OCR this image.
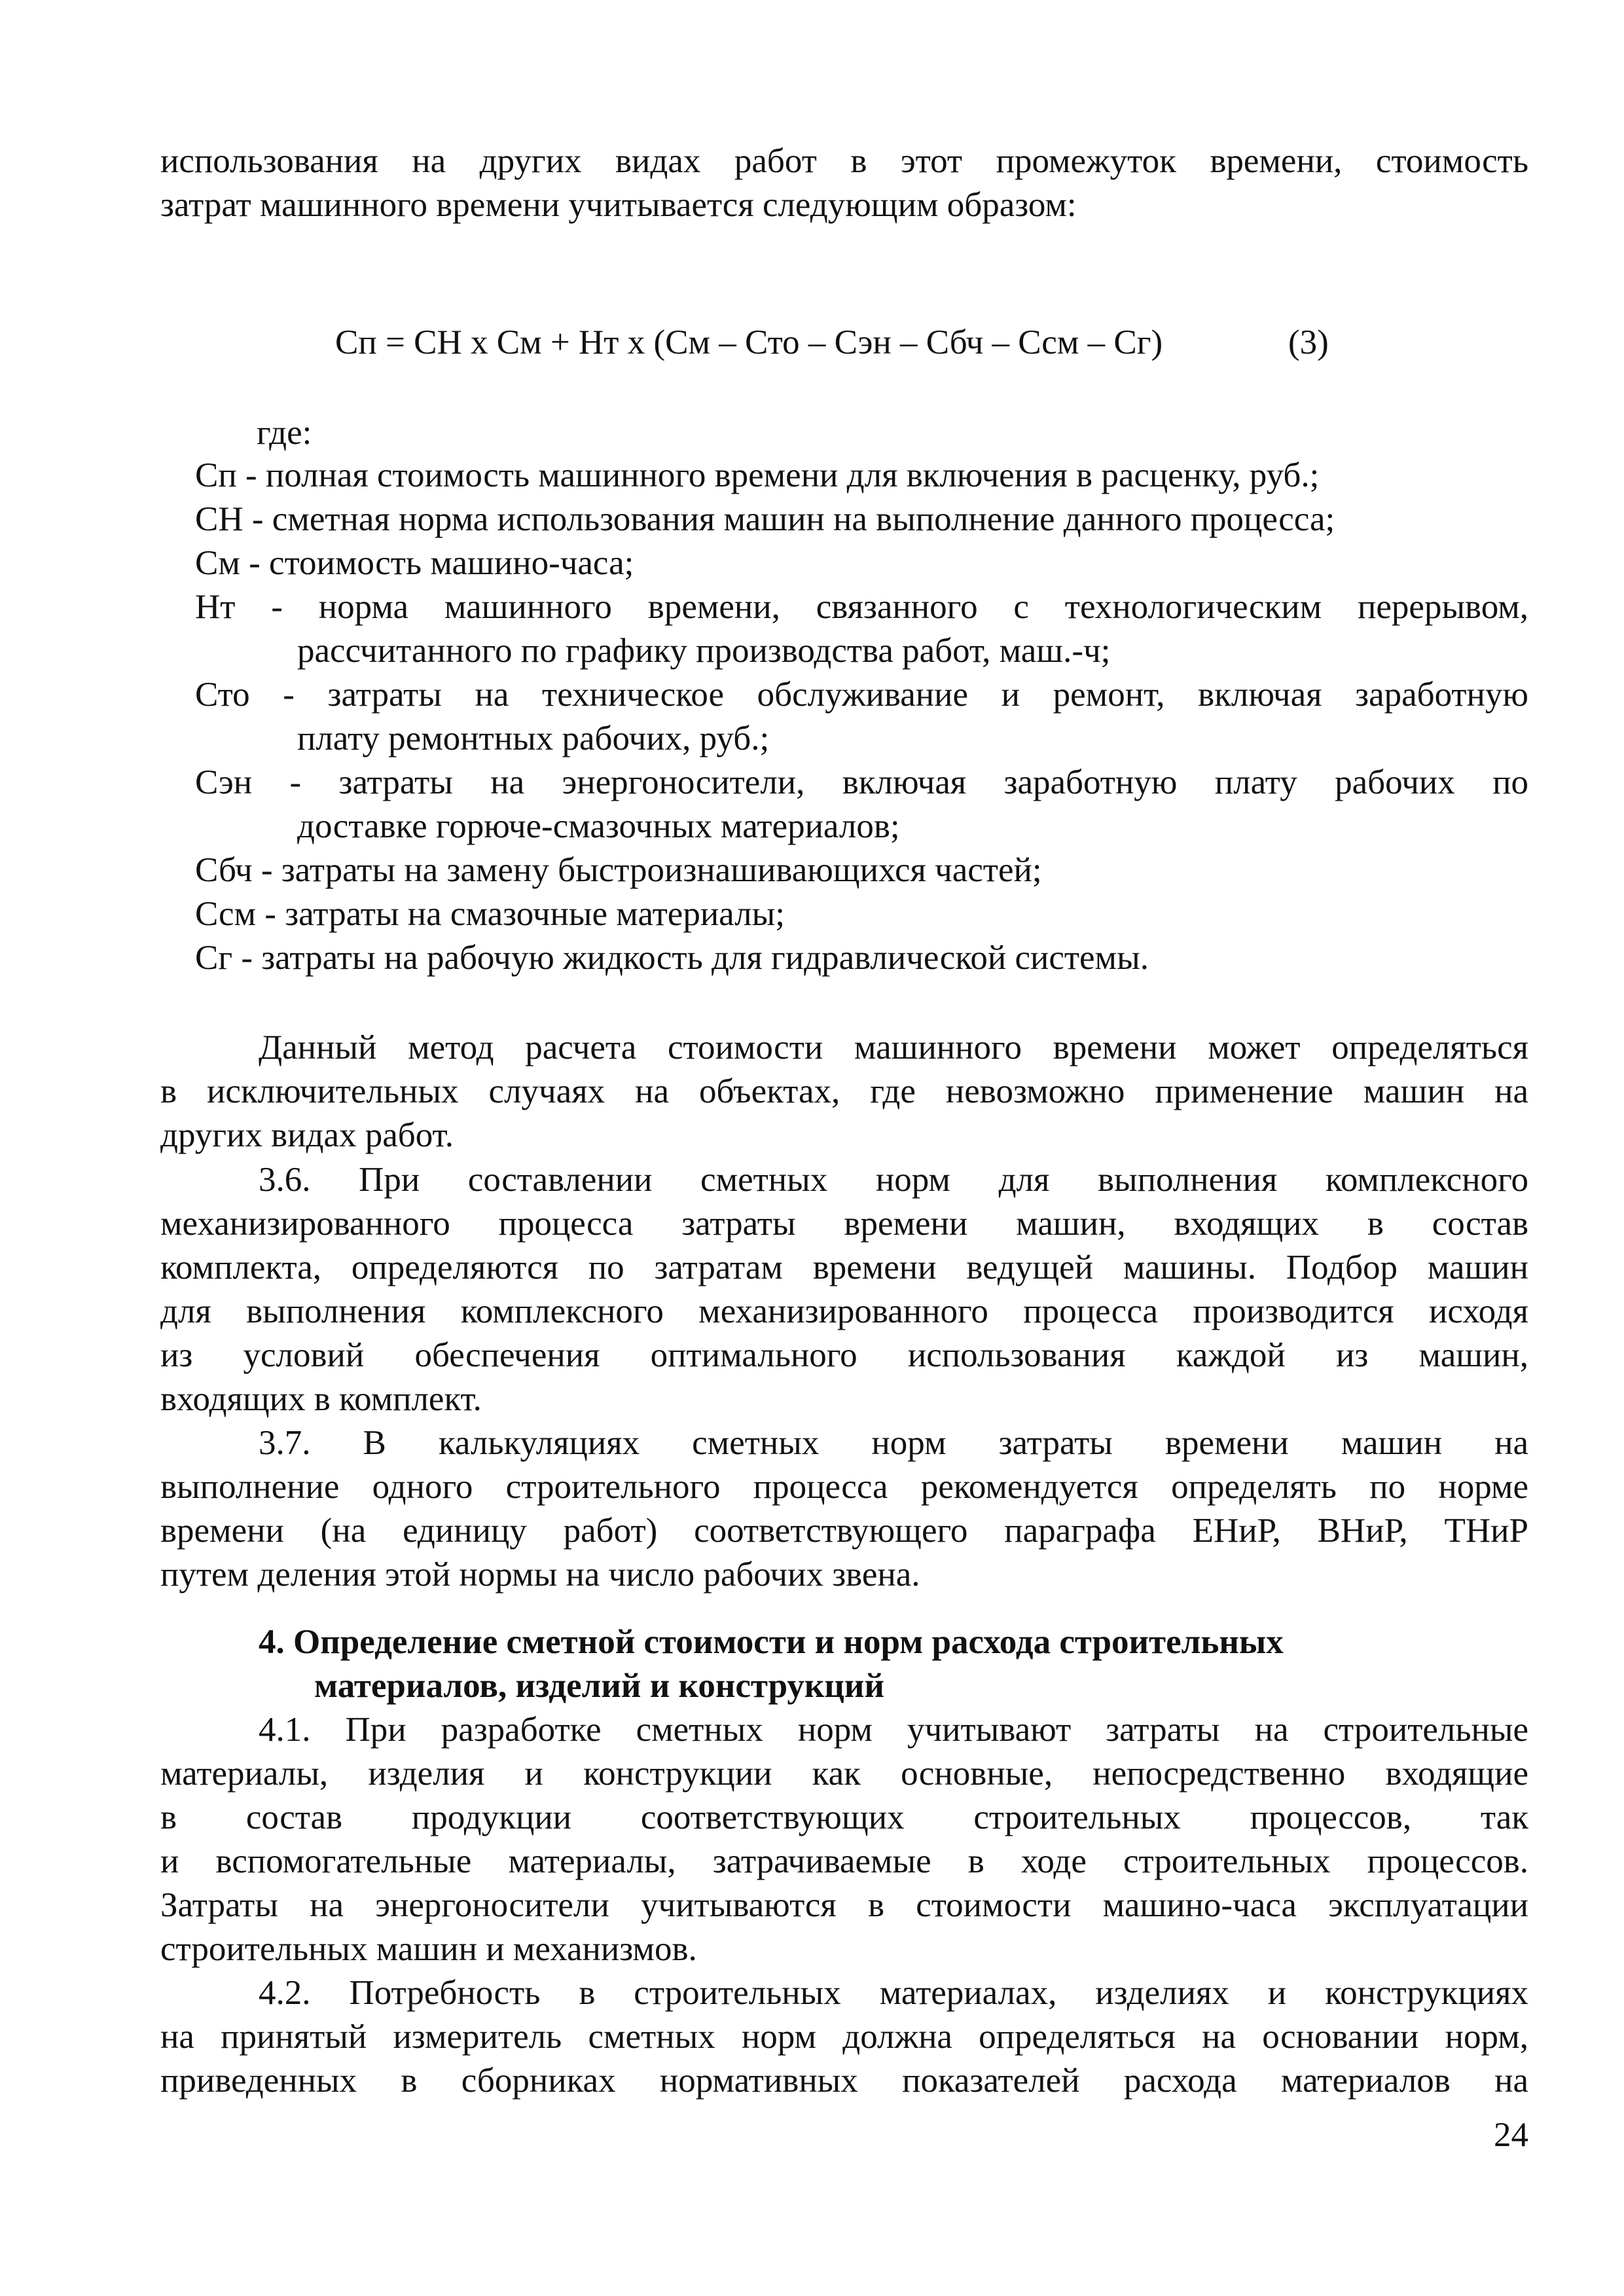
использования на других видах работ в этот промежуток времени, стоимость
затрат машинного времени учитывается следующим образом:
Сп = СН х См + Нт х (См – Сто – Сэн – Сбч – Ссм – Сг)	(3)
где:
Сп - полная стоимость машинного времени для включения в расценку, руб.;
СН - сметная норма использования машин на выполнение данного процесса;
См - стоимость машино-часа;
Нт - норма машинного времени, связанного с технологическим перерывом,
рассчитанного по графику производства работ, маш.-ч;
Сто - затраты на техническое обслуживание и ремонт, включая заработную
плату ремонтных рабочих, руб.;
Сэн - затраты на энергоносители, включая заработную плату рабочих по
доставке горюче-смазочных материалов;
Сбч - затраты на замену быстроизнашивающихся частей;
Ссм - затраты на смазочные материалы;
Сг - затраты на рабочую жидкость для гидравлической системы.
Данный метод расчета стоимости машинного времени может определяться
в исключительных случаях на объектах, где невозможно применение машин на
других видах работ.
3.6. При составлении сметных норм для выполнения комплексного
механизированного процесса затраты времени машин, входящих в состав
комплекта, определяются по затратам времени ведущей машины. Подбор машин
для выполнения комплексного механизированного процесса производится исходя
из условий обеспечения оптимального использования каждой из машин,
входящих в комплект.
3.7. В калькуляциях сметных норм затраты времени машин на
выполнение одного строительного процесса рекомендуется определять по норме
времени (на единицу работ) соответствующего параграфа ЕНиР, ВНиР, ТНиР
путем деления этой нормы на число рабочих звена.
4. Определение сметной стоимости и норм расхода строительных
материалов, изделий и конструкций
4.1. При разработке сметных норм учитывают затраты на строительные
материалы, изделия и конструкции как основные, непосредственно входящие
в состав продукции соответствующих строительных процессов, так
и вспомогательные материалы, затрачиваемые в ходе строительных процессов.
Затраты на энергоносители учитываются в стоимости машино-часа эксплуатации
строительных машин и механизмов.
4.2. Потребность в строительных материалах, изделиях и конструкциях
на принятый измеритель сметных норм должна определяться на основании норм,
приведенных в сборниках нормативных показателей расхода материалов на
24
